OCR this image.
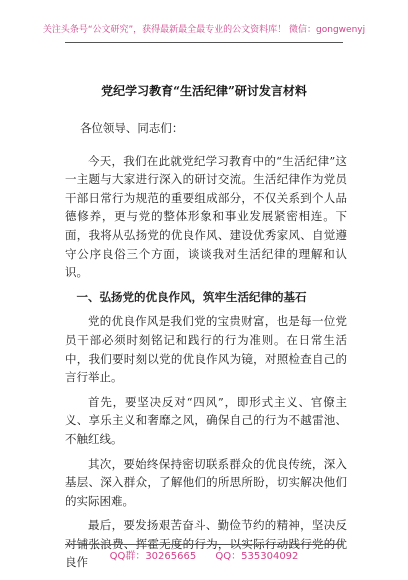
关注头条号“公文研究”，获得最新最全最专业的公文资料库！ 微信：gongwenyj
党纪学习教育“生活纪律”研讨发言材料

各位领导、同志们：

今天，我们在此就党纪学习教育中的“生活纪律”这一主题与大家进行深入的研讨交流。生活纪律作为党员干部日常行为规范的重要组成部分，不仅关系到个人品德修养，更与党的整体形象和事业发展紧密相连。下面，我将从弘扬党的优良作风、建设优秀家风、自觉遵守公序良俗三个方面，谈谈我对生活纪律的理解和认识。

一、弘扬党的优良作风，筑牢生活纪律的基石

党的优良作风是我们党的宝贵财富，也是每一位党员干部必须时刻铭记和践行的行为准则。在日常生活中，我们要时刻以党的优良作风为镜，对照检查自己的言行举止。

首先，要坚决反对“四风”，即形式主义、官僚主义、享乐主义和奢靡之风，确保自己的行为不越雷池、不触红线。

其次，要始终保持密切联系群众的优良传统，深入基层、深入群众，了解他们的所思所盼，切实解决他们的实际困难。

最后，要发扬艰苦奋斗、勤俭节约的精神，坚决反对铺张浪费、挥霍无度的行为，以实际行动践行党的优良作	QQ群：30265665 QQ：535304092
